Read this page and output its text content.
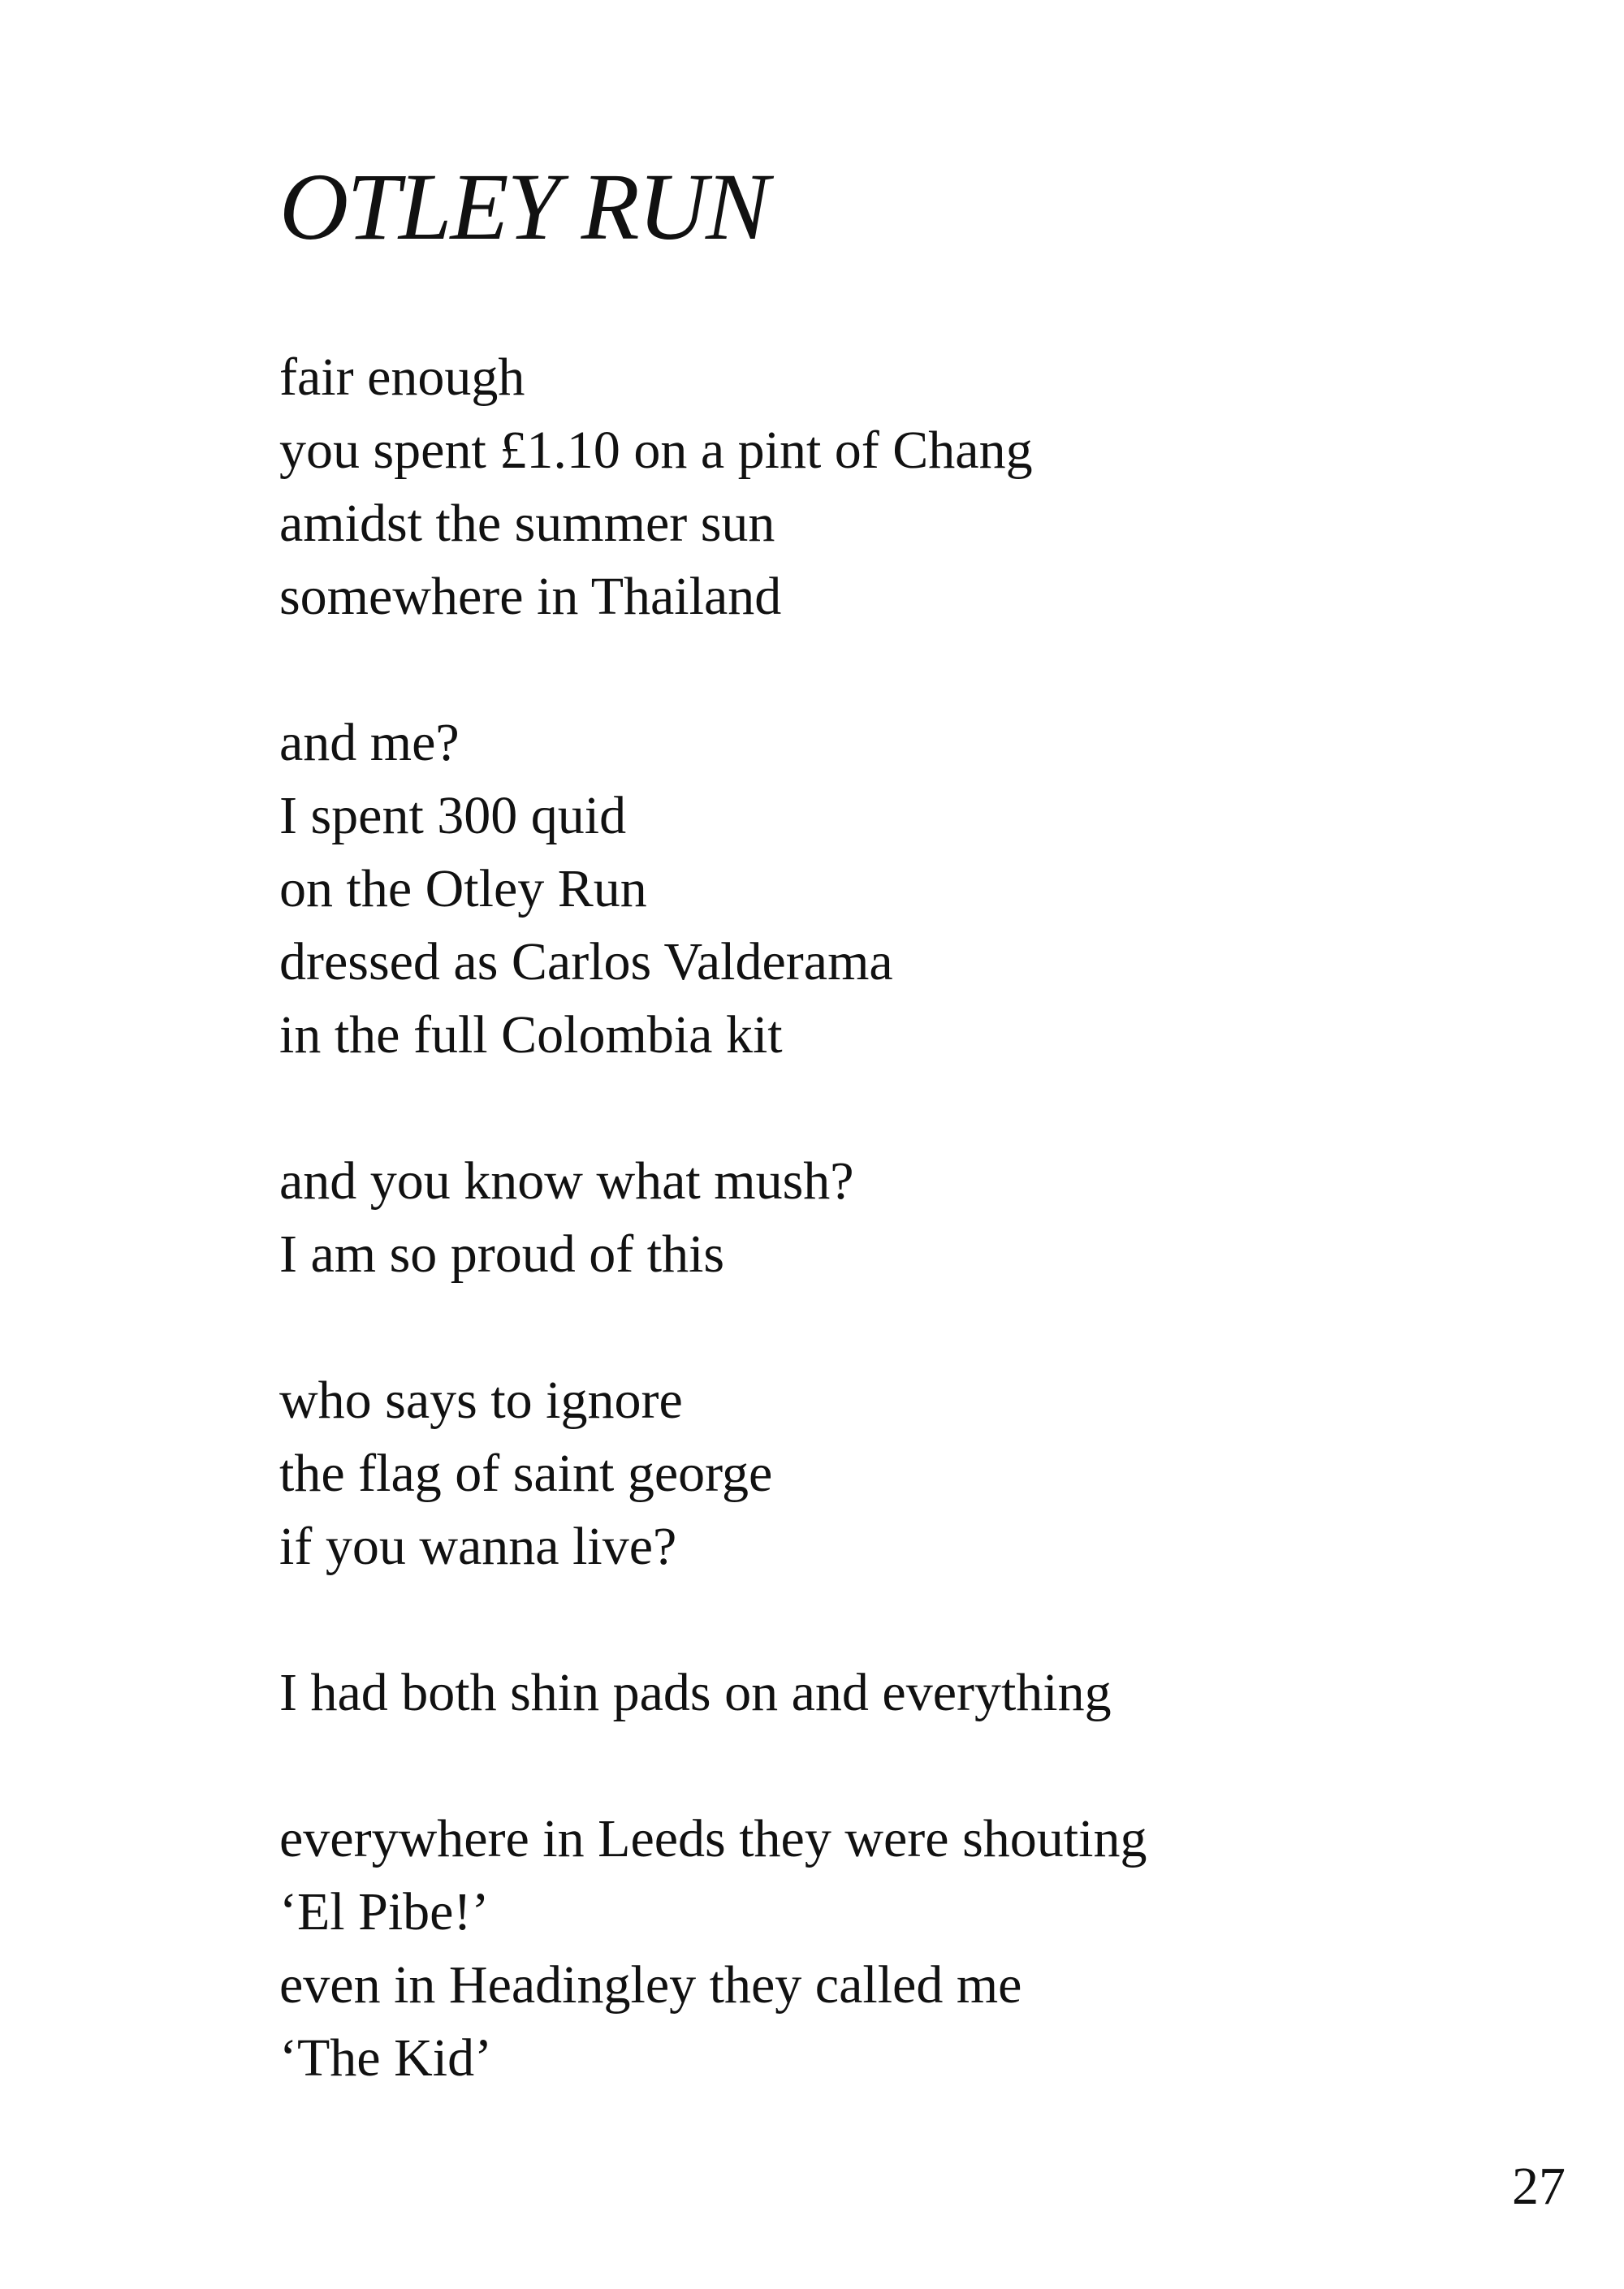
OTLEY RUN
fair enough
you spent £1.10 on a pint of Chang
amidst the summer sun
somewhere in Thailand
and me?
I spent 300 quid
on the Otley Run
dressed as Carlos Valderama
in the full Colombia kit
and you know what mush?
I am so proud of this
who says to ignore
the flag of saint george
if you wanna live?
I had both shin pads on and everything
everywhere in Leeds they were shouting
‘El Pibe!’
even in Headingley they called me
‘The Kid’
27
